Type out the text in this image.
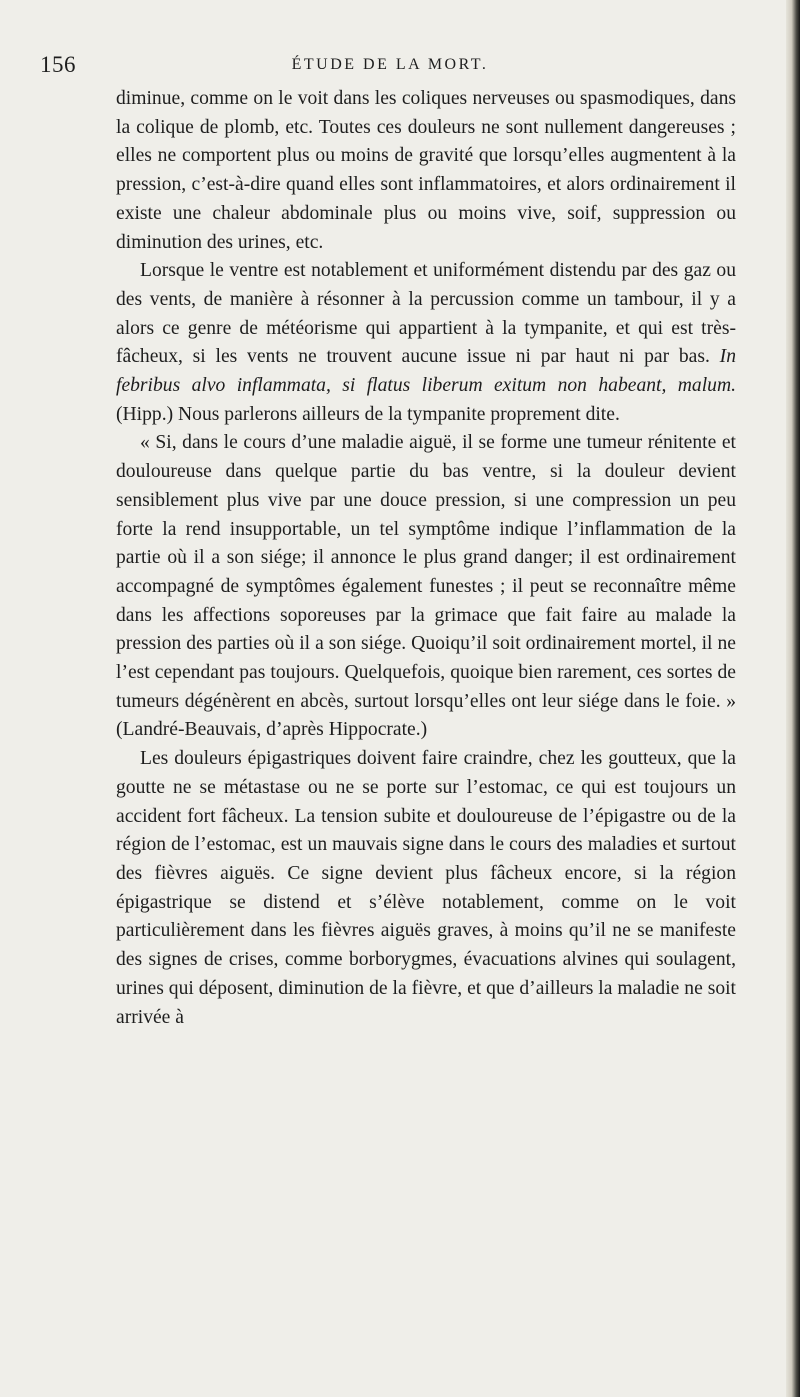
156	ÉTUDE DE LA MORT.

diminue, comme on le voit dans les coliques nerveuses ou spasmodiques, dans la colique de plomb, etc. Toutes ces douleurs ne sont nullement dangereuses ; elles ne comportent plus ou moins de gravité que lorsqu’elles augmentent à la pression, c’est-à-dire quand elles sont inflammatoires, et alors ordinairement il existe une chaleur abdominale plus ou moins vive, soif, suppression ou diminution des urines, etc.

Lorsque le ventre est notablement et uniformément distendu par des gaz ou des vents, de manière à résonner à la percussion comme un tambour, il y a alors ce genre de météorisme qui appartient à la tympanite, et qui est très-fâcheux, si les vents ne trouvent aucune issue ni par haut ni par bas. In febribus alvo inflammata, si flatus liberum exitum non habeant, malum. (Hipp.) Nous parlerons ailleurs de la tympanite proprement dite.

« Si, dans le cours d’une maladie aiguë, il se forme une tumeur rénitente et douloureuse dans quelque partie du bas ventre, si la douleur devient sensiblement plus vive par une douce pression, si une compression un peu forte la rend insupportable, un tel symptôme indique l’inflammation de la partie où il a son siége; il annonce le plus grand danger; il est ordinairement accompagné de symptômes également funestes ; il peut se reconnaître même dans les affections soporeuses par la grimace que fait faire au malade la pression des parties où il a son siége. Quoiqu’il soit ordinairement mortel, il ne l’est cependant pas toujours. Quelquefois, quoique bien rarement, ces sortes de tumeurs dégénèrent en abcès, surtout lorsqu’elles ont leur siége dans le foie. » (Landré-Beauvais, d’après Hippocrate.)

Les douleurs épigastriques doivent faire craindre, chez les goutteux, que la goutte ne se métastase ou ne se porte sur l’estomac, ce qui est toujours un accident fort fâcheux. La tension subite et douloureuse de l’épigastre ou de la région de l’estomac, est un mauvais signe dans le cours des maladies et surtout des fièvres aiguës. Ce signe devient plus fâcheux encore, si la région épigastrique se distend et s’élève notablement, comme on le voit particulièrement dans les fièvres aiguës graves, à moins qu’il ne se manifeste des signes de crises, comme borborygmes, évacuations alvines qui soulagent, urines qui déposent, diminution de la fièvre, et que d’ailleurs la maladie ne soit arrivée à
